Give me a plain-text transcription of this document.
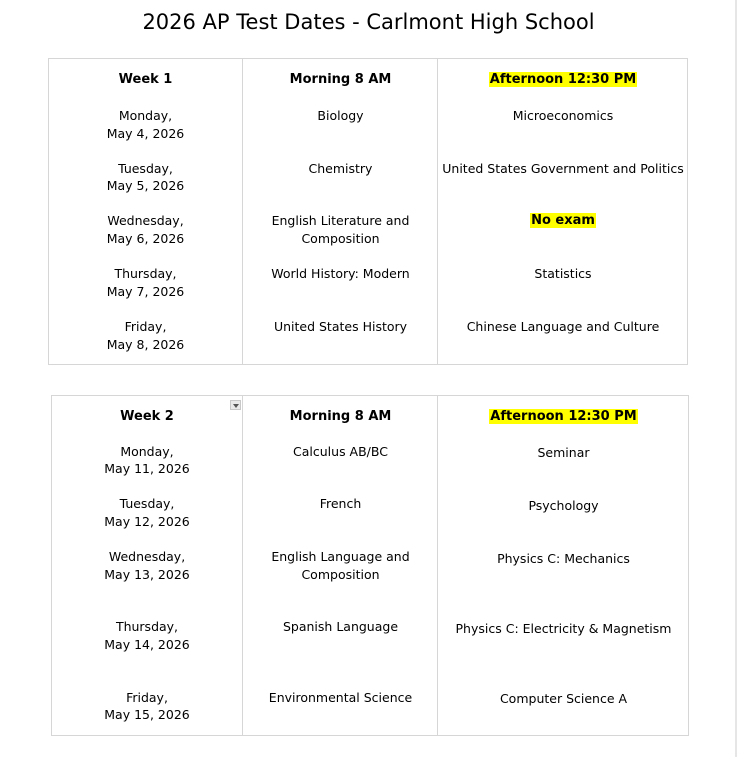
2026 AP Test Dates - Carlmont High School
Week 1
Monday,
May 4, 2026
Tuesday,
May 5, 2026
Wednesday,
May 6, 2026
Thursday,
May 7, 2026
Friday,
May 8, 2026
Morning 8 AM
Biology
Chemistry
English Literature and
Composition
World History: Modern
United States History
Afternoon 12:30 PM
Microeconomics
United States Government and Politics
No exam
Statistics
Chinese Language and Culture
Week 2
Monday,
May 11, 2026
Tuesday,
May 12, 2026
Wednesday,
May 13, 2026
Thursday,
May 14, 2026
Friday,
May 15, 2026
Morning 8 AM
Calculus AB/BC
French
English Language and
Composition
Spanish Language
Environmental Science
Afternoon 12:30 PM
Seminar
Psychology
Physics C: Mechanics
Physics C: Electricity & Magnetism
Computer Science A
